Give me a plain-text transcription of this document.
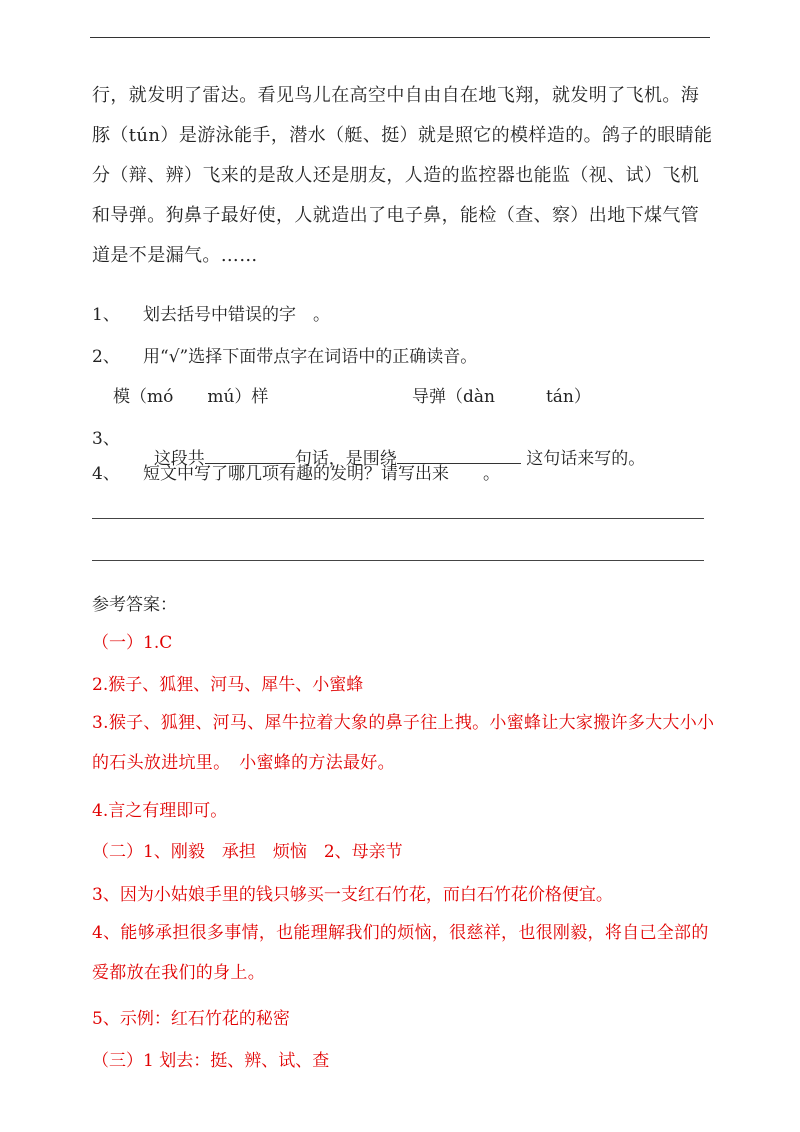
行，就发明了雷达。看见鸟儿在高空中自由自在地飞翔，就发明了飞机。海豚（tún）是游泳能手，潜水（艇、挺）就是照它的模样造的。鸽子的眼睛能分（辩、辨）飞来的是敌人还是朋友，人造的监控器也能监（视、试）飞机和导弹。狗鼻子最好使，人就造出了电子鼻，能检（查、察）出地下煤气管道是不是漏气。……

1、 划去括号中错误的字　。
2、 用“√”选择下面带点字在词语中的正确读音。
模（mó　　mú）样	导弹（dàn　　　tán）
3、

这段共	句话，是围绕	这句话来写的。

4、 短文中写了哪几项有趣的发明？请写出来　　。
参考答案：
（一）1.C
2.猴子、狐狸、河马、犀牛、小蜜蜂

3.猴子、狐狸、河马、犀牛拉着大象的鼻子往上拽。小蜜蜂让大家搬许多大大小小的石头放进坑里。　小蜜蜂的方法最好。

4.言之有理即可。
（二）1、刚毅　承担　烦恼　2、母亲节
3、因为小姑娘手里的钱只够买一支红石竹花，而白石竹花价格便宜。

4、能够承担很多事情，也能理解我们的烦恼，很慈祥，也很刚毅，将自己全部的爱都放在我们的身上。

5、示例：红石竹花的秘密
（三）1 划去：挺、辨、试、查
